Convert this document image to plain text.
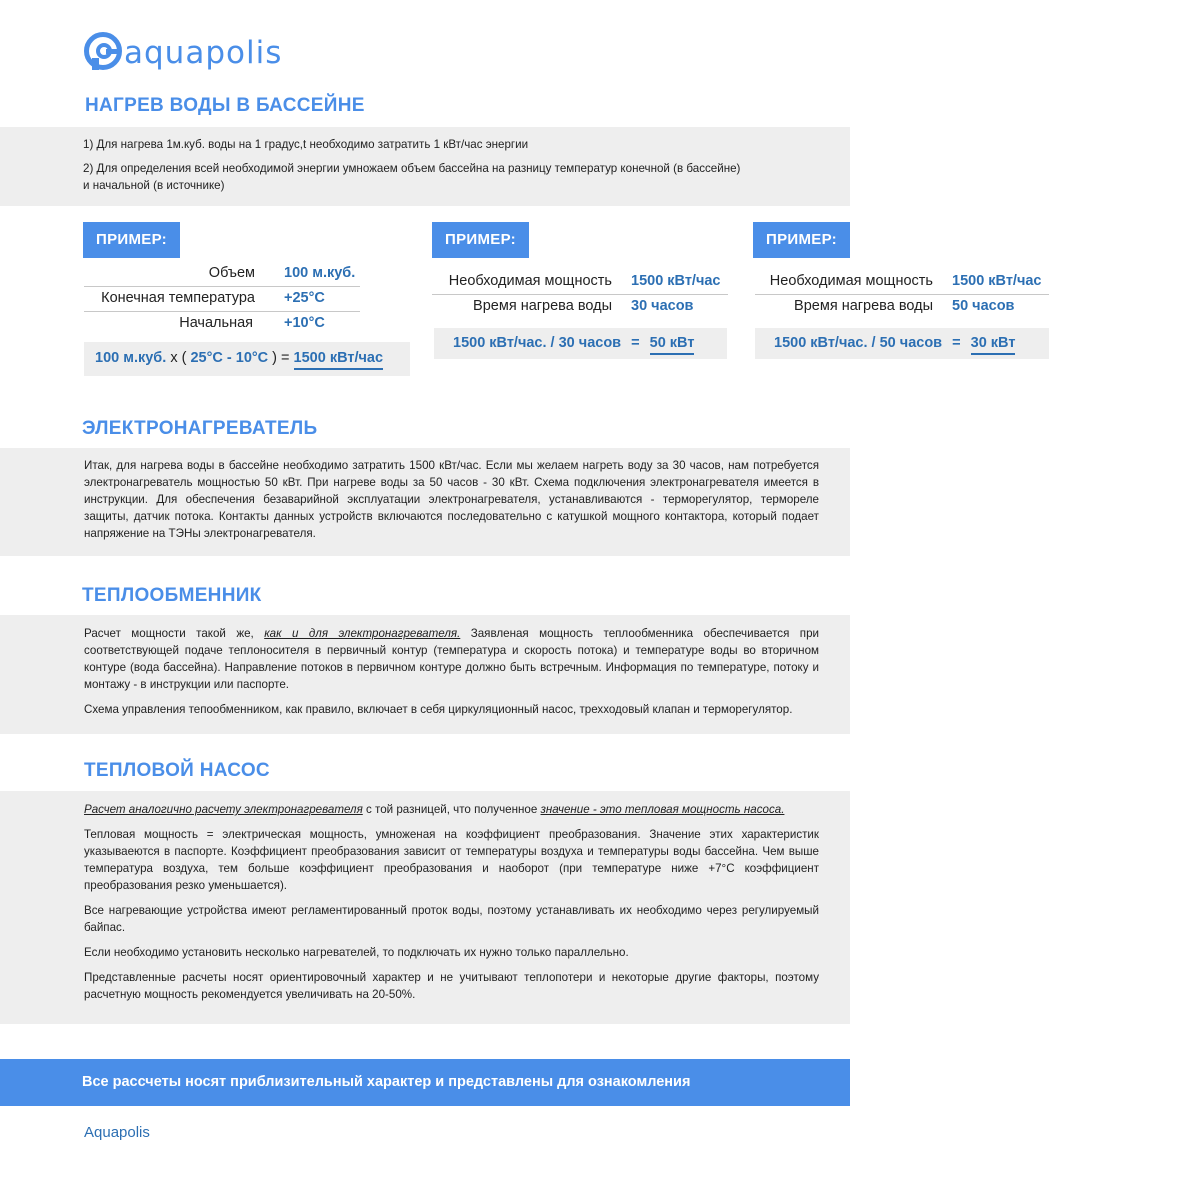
aquapolis
НАГРЕВ ВОДЫ В БАССЕЙНЕ
1) Для нагрева 1м.куб. воды на 1 градус,t необходимо затратить 1 кВт/час энергии
2) Для определения всей необходимой энергии умножаем объем бассейна на разницу температур конечной (в бассейне)
и начальной (в источнике)
ПРИМЕР:
Объем 100 м.куб.
Конечная температура +25°C
Начальная +10°C
100 м.куб. х ( 25°С - 10°С ) = 1500 кВт/час
ПРИМЕР:
Необходимая мощность 1500 кВт/час
Время нагрева воды 30 часов
1500 кВт/час. / 30 часов = 50 кВт
ПРИМЕР:
Необходимая мощность 1500 кВт/час
Время нагрева воды 50 часов
1500 кВт/час. / 50 часов = 30 кВт
ЭЛЕКТРОНАГРЕВАТЕЛЬ

Итак, для нагрева воды в бассейне необходимо затратить 1500 кВт/час. Если мы желаем нагреть воду за 30 часов, нам потребуется электронагреватель мощностью 50 кВт. При нагреве воды за 50 часов - 30 кВт. Схема подключения электронагревателя имеется в инструкции. Для обеспечения безаварийной эксплуатации электронагревателя, устанавливаются - терморегулятор, термореле защиты, датчик потока. Контакты данных устройств включаются последовательно с катушкой мощного контактора, который подает напряжение на ТЭНы электронагревателя.

ТЕПЛООБМЕННИК

Расчет мощности такой же, как и для электронагревателя. Заявленая мощность теплообменника обеспечивается при соответствующей подаче теплоносителя в первичный контур (температура и скорость потока) и температуре воды во вторичном контуре (вода бассейна). Направление потоков в первичном контуре должно быть встречным. Информация по температуре, потоку и монтажу - в инструкции или паспорте.

Схема управления тепообменником, как правило, включает в себя циркуляционный насос, трехходовый клапан и терморегулятор.

ТЕПЛОВОЙ НАСОС

Расчет аналогично расчету электронагревателя с той разницей, что полученное значение - это тепловая мощность насоса.

Тепловая мощность = электрическая мощность, умноженая на коэффициент преобразования. Значение этих характеристик указываеются в паспорте. Коэффициент преобразования зависит от температуры воздуха и температуры воды бассейна. Чем выше температура воздуха, тем больше коэффициент преобразования и наоборот (при температуре ниже +7°С коэффициент преобразования резко уменьшается).

Все нагревающие устройства имеют регламентированный проток воды, поэтому устанавливать их необходимо через регулируемый байпас.

Если необходимо установить несколько нагревателей, то подключать их нужно только параллельно.

Представленные расчеты носят ориентировочный характер и не учитывают теплопотери и некоторые другие факторы, поэтому расчетную мощность рекомендуется увеличивать на 20-50%.

Все рассчеты носят приблизительный характер и представлены для ознакомления
Aquapolis
